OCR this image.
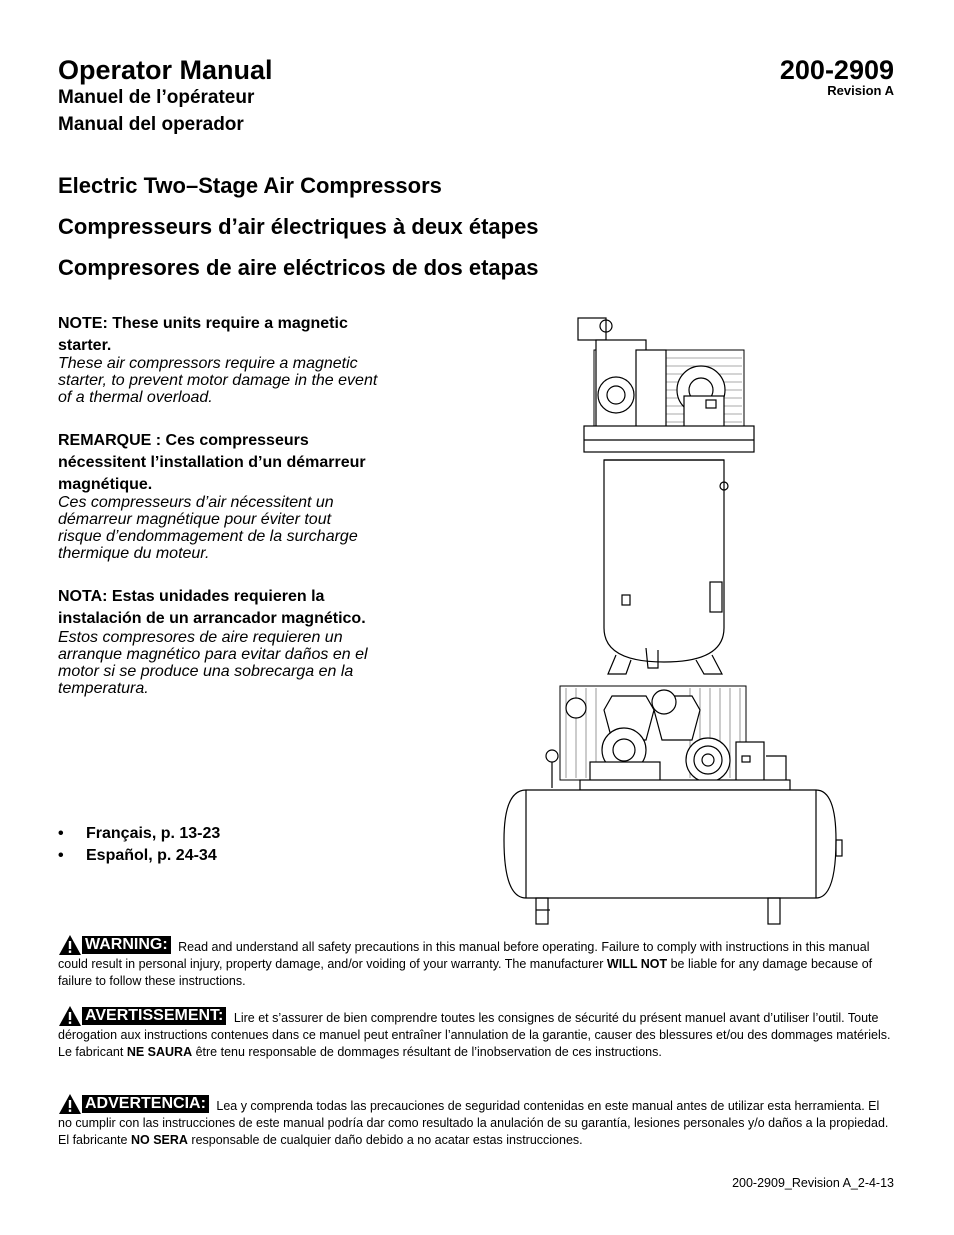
Operator Manual
Manuel de l’opérateur
Manual del operador
200-2909
Revision A
Electric Two–Stage Air Compressors
Compresseurs d’air électriques à deux étapes
Compresores de aire eléctricos de dos etapas
NOTE: These units require a magnetic
starter.
These air compressors require a magnetic
starter, to prevent motor damage in the event
of a thermal overload.
REMARQUE : Ces compresseurs
nécessitent l’installation d’un démarreur
magnétique.
Ces compresseurs d’air nécessitent un
démarreur magnétique pour éviter tout
risque d’endommagement de la surcharge
thermique du moteur.
NOTA: Estas unidades requieren la
instalación de un arrancador magnético.
Estos compresores de aire requieren un
arranque magnético para evitar daños en el
motor si se produce una sobrecarga en la
temperatura.
• Français, p. 13-23
• Español, p. 24-34
WARNING: Read and understand all safety precautions in this manual before operating. Failure to comply with instructions in this manual could result in personal injury, property damage, and/or voiding of your warranty. The manufacturer WILL NOT be liable for any damage because of failure to follow these instructions.
AVERTISSEMENT: Lire et s’assurer de bien comprendre toutes les consignes de sécurité du présent manuel avant d’utiliser l’outil. Toute dérogation aux instructions contenues dans ce manuel peut entraîner l’annulation de la garantie, causer des blessures et/ou des dommages matériels. Le fabricant NE SAURA être tenu responsable de dommages résultant de l’inobservation de ces instructions.
ADVERTENCIA: Lea y comprenda todas las precauciones de seguridad contenidas en este manual antes de utilizar esta herramienta. El no cumplir con las instrucciones de este manual podría dar como resultado la anulación de su garantía, lesiones personales y/o daños a la propiedad. El fabricante NO SERA responsable de cualquier daño debido a no acatar estas instrucciones.
200-2909_Revision A_2-4-13
